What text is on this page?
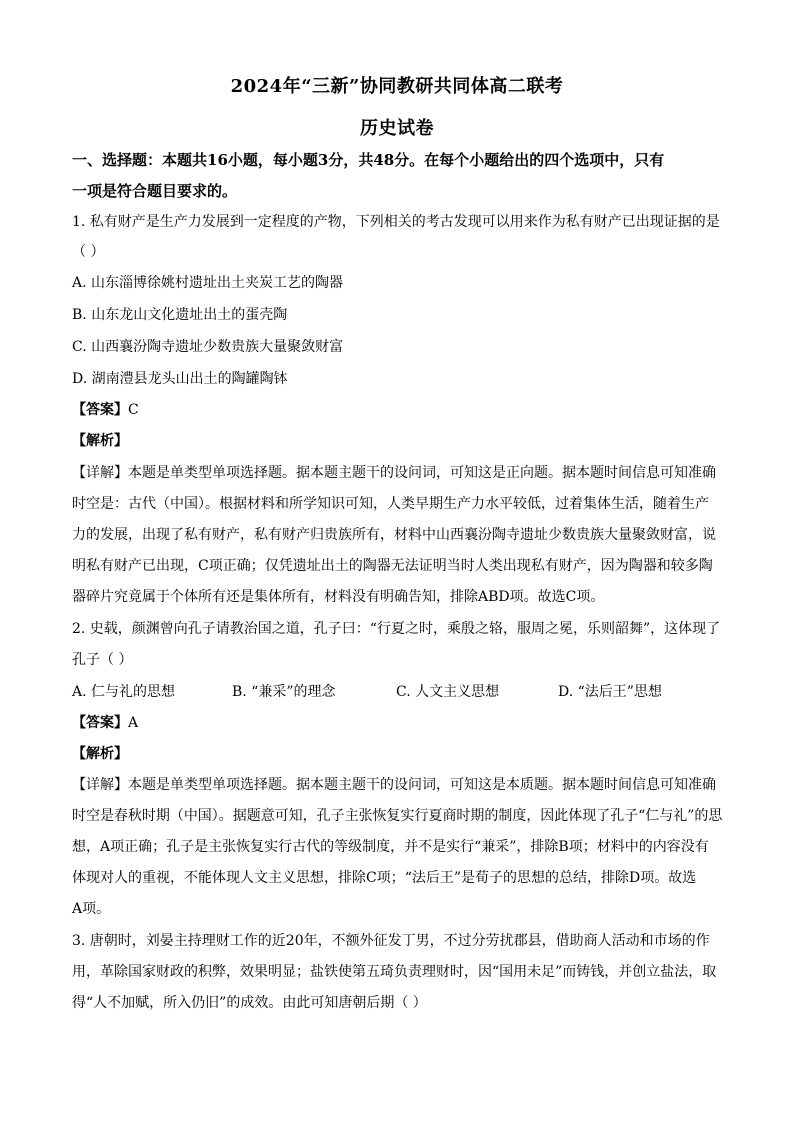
2024年“三新”协同教研共同体高二联考
历史试卷
一、选择题：本题共16小题，每小题3分，共48分。在每个小题给出的四个选项中，只有
一项是符合题目要求的。
1. 私有财产是生产力发展到一定程度的产物，下列相关的考古发现可以用来作为私有财产已出现证据的是
（ ）
A. 山东淄博徐姚村遗址出土夹炭工艺的陶器
B. 山东龙山文化遗址出土的蛋壳陶
C. 山西襄汾陶寺遗址少数贵族大量聚敛财富
D. 湖南澧县龙头山出土的陶罐陶钵
【答案】C
【解析】
【详解】本题是单类型单项选择题。据本题主题干的设问词，可知这是正向题。据本题时间信息可知准确
时空是：古代（中国）。根据材料和所学知识可知，人类早期生产力水平较低，过着集体生活，随着生产
力的发展，出现了私有财产，私有财产归贵族所有，材料中山西襄汾陶寺遗址少数贵族大量聚敛财富，说
明私有财产已出现，C项正确；仅凭遗址出土的陶器无法证明当时人类出现私有财产，因为陶器和较多陶
器碎片究竟属于个体所有还是集体所有，材料没有明确告知，排除ABD项。故选C项。
2. 史载，颜渊曾向孔子请教治国之道，孔子曰：“行夏之时，乘殷之辂，服周之冕，乐则韶舞”，这体现了
孔子（ ）
A. 仁与礼的思想	B. “兼采”的理念	C. 人文主义思想	D. “法后王”思想
【答案】A
【解析】
【详解】本题是单类型单项选择题。据本题主题干的设问词，可知这是本质题。据本题时间信息可知准确
时空是春秋时期（中国）。据题意可知，孔子主张恢复实行夏商时期的制度，因此体现了孔子“仁与礼”的思
想，A项正确；孔子是主张恢复实行古代的等级制度，并不是实行“兼采”，排除B项；材料中的内容没有
体现对人的重视，不能体现人文主义思想，排除C项；“法后王”是荀子的思想的总结，排除D项。故选
A项。
3. 唐朝时，刘晏主持理财工作的近20年，不额外征发丁男，不过分劳扰郡县，借助商人活动和市场的作
用，革除国家财政的积弊，效果明显；盐铁使第五琦负责理财时，因“国用未足”而铸钱，并创立盐法，取
得“人不加赋，所入仍旧”的成效。由此可知唐朝后期（ ）
